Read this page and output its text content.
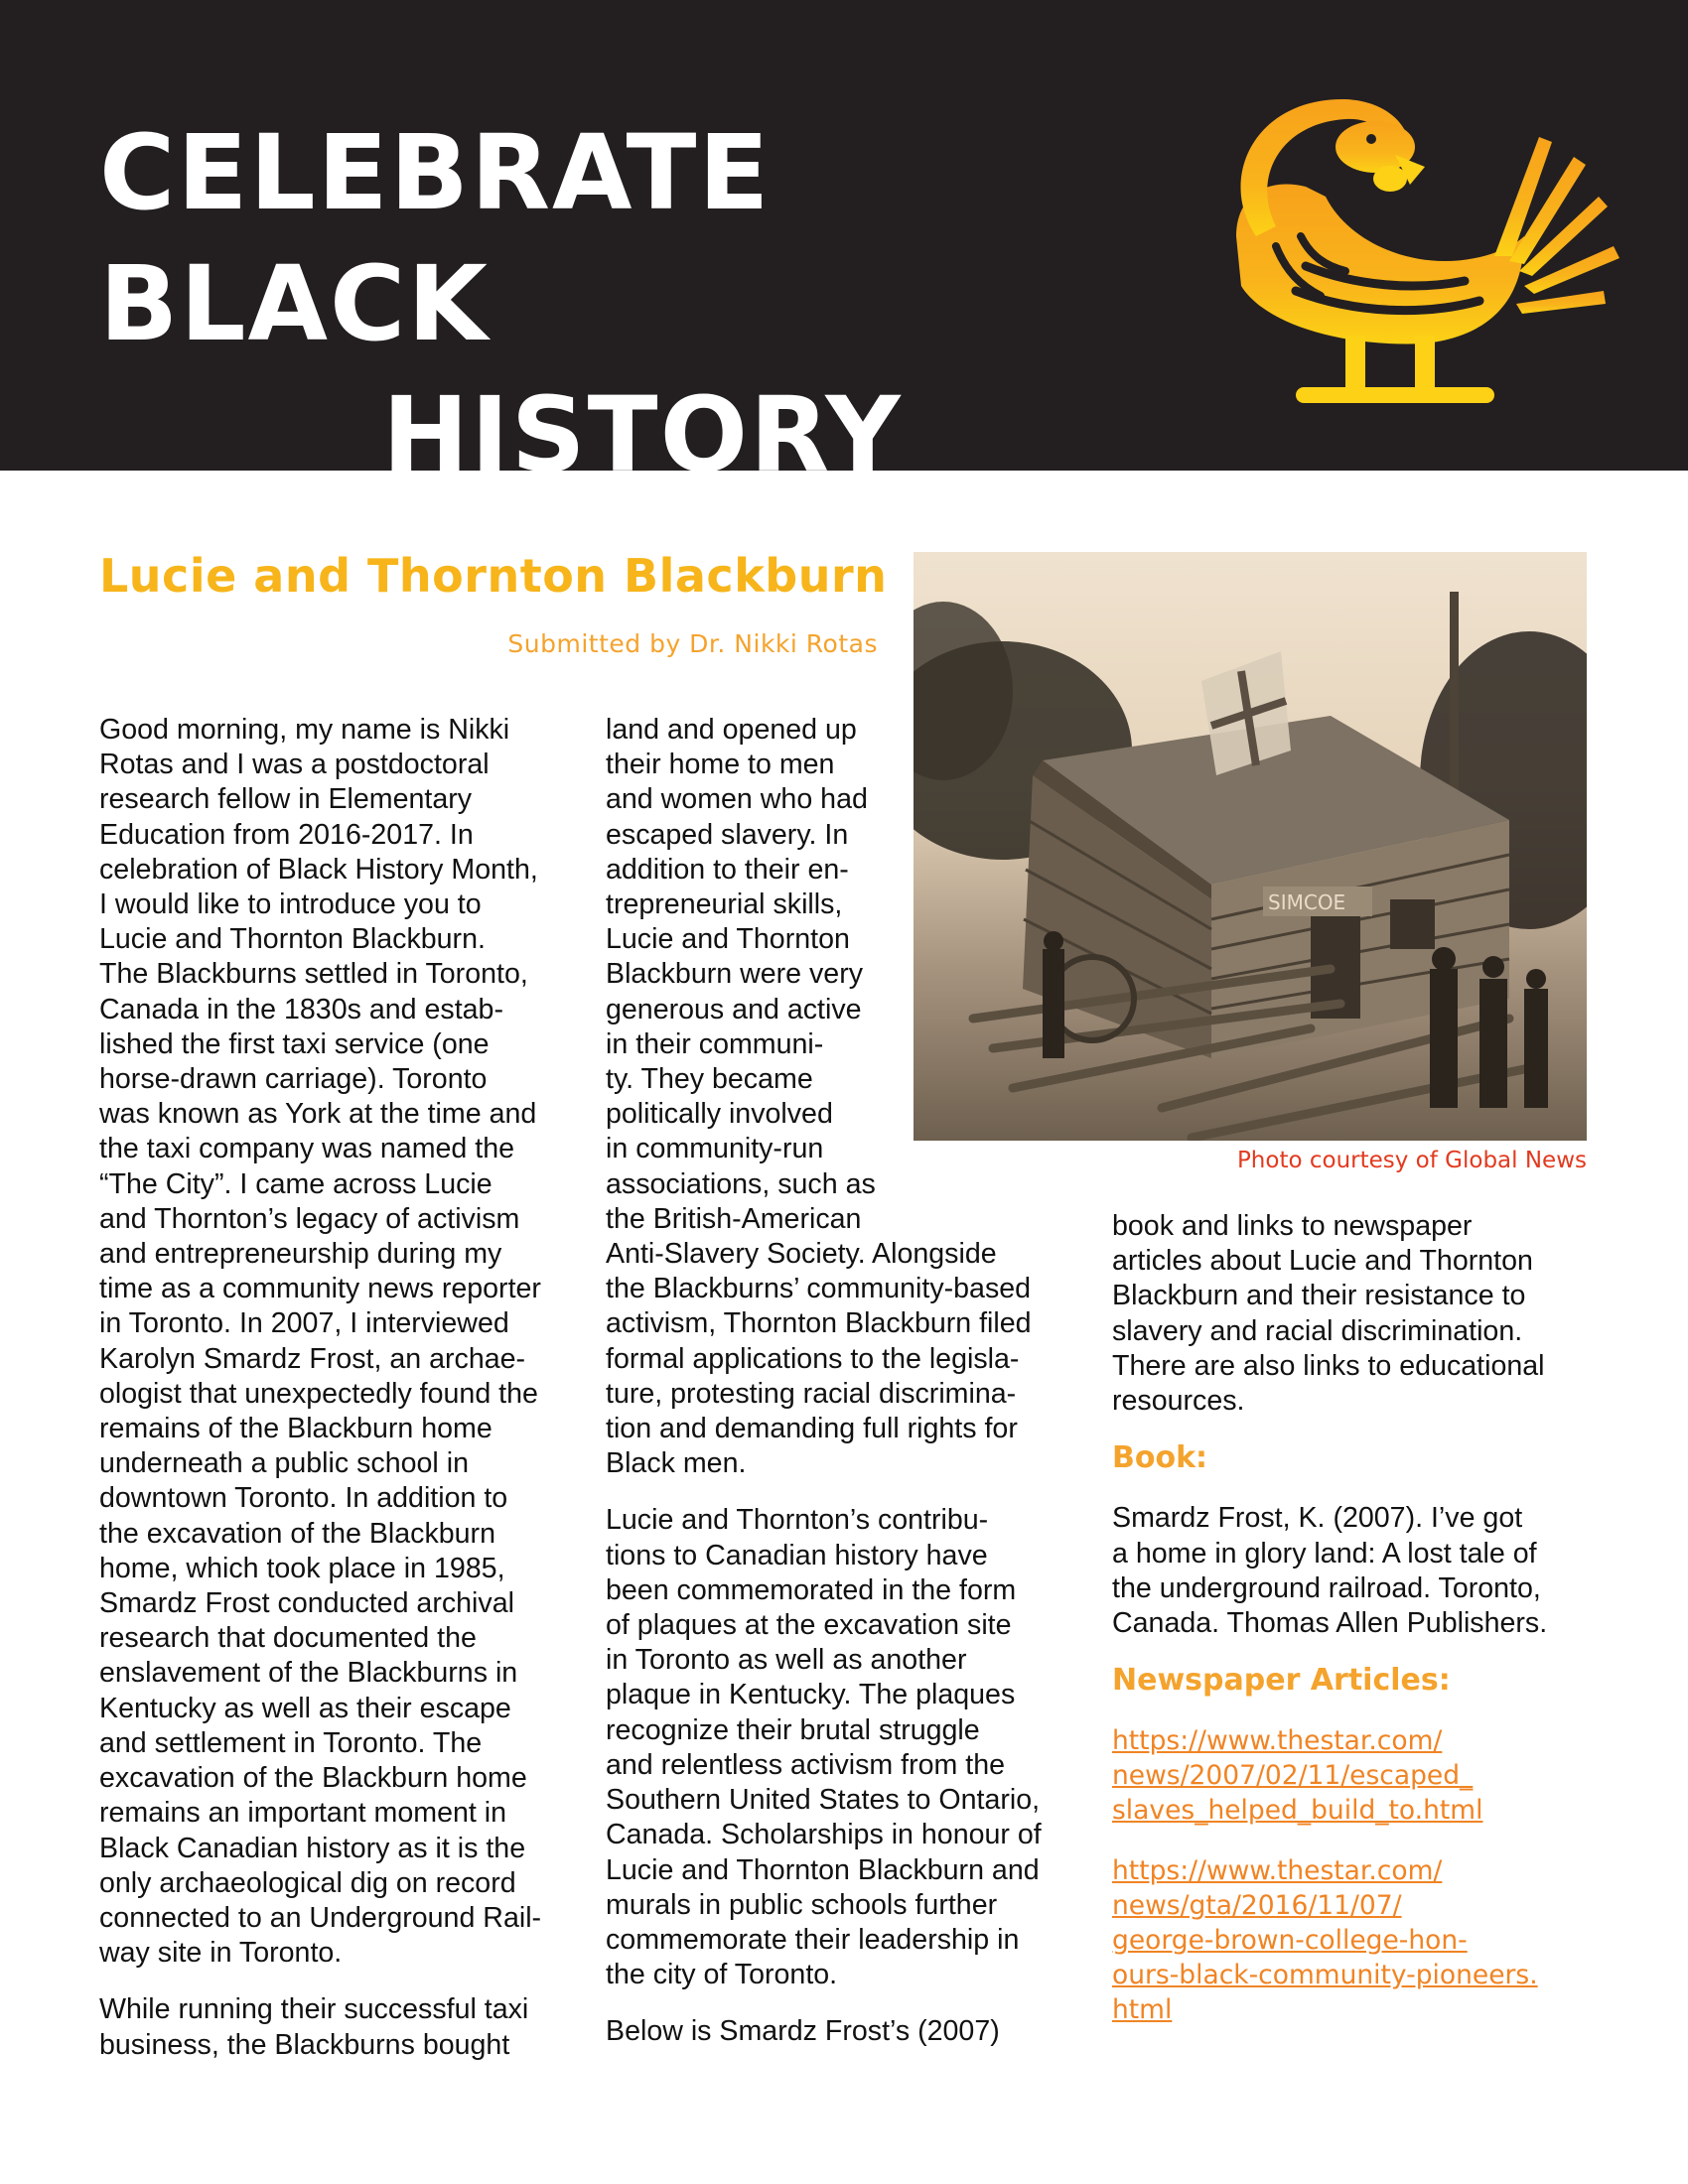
CELEBRATE BLACK
HISTORY
Lucie and Thornton Blackburn
Submitted by Dr. Nikki Rotas
SIMCOE
Photo courtesy of Global News

Good morning, my name is Nikki
Rotas and I was a postdoctoral
research fellow in Elementary
Education from 2016-2017. In
celebration of Black History Month,
I would like to introduce you to
Lucie and Thornton Blackburn.
The Blackburns settled in Toronto,
Canada in the 1830s and estab-
lished the first taxi service (one
horse-drawn carriage). Toronto
was known as York at the time and
the taxi company was named the
“The City”. I came across Lucie
and Thornton’s legacy of activism
and entrepreneurship during my
time as a community news reporter
in Toronto. In 2007, I interviewed
Karolyn Smardz Frost, an archae-
ologist that unexpectedly found the
remains of the Blackburn home
underneath a public school in
downtown Toronto. In addition to
the excavation of the Blackburn
home, which took place in 1985,
Smardz Frost conducted archival
research that documented the
enslavement of the Blackburns in
Kentucky as well as their escape
and settlement in Toronto. The
excavation of the Blackburn home
remains an important moment in
Black Canadian history as it is the
only archaeological dig on record
connected to an Underground Rail-
way site in Toronto.

While running their successful taxi
business, the Blackburns bought

land and opened up
their home to men
and women who had
escaped slavery. In
addition to their en-
trepreneurial skills,
Lucie and Thornton
Blackburn were very
generous and active
in their communi-
ty. They became
politically involved
in community-run
associations, such as
the British-American
Anti-Slavery Society. Alongside
the Blackburns’ community-based
activism, Thornton Blackburn filed
formal applications to the legisla-
ture, protesting racial discrimina-
tion and demanding full rights for
Black men.

Lucie and Thornton’s contribu-
tions to Canadian history have
been commemorated in the form
of plaques at the excavation site
in Toronto as well as another
plaque in Kentucky. The plaques
recognize their brutal struggle
and relentless activism from the
Southern United States to Ontario,
Canada. Scholarships in honour of
Lucie and Thornton Blackburn and
murals in public schools further
commemorate their leadership in
the city of Toronto.

Below is Smardz Frost’s (2007)

book and links to newspaper
articles about Lucie and Thornton
Blackburn and their resistance to
slavery and racial discrimination.
There are also links to educational
resources.

Book:

Smardz Frost, K. (2007). I’ve got
a home in glory land: A lost tale of
the underground railroad. Toronto,
Canada. Thomas Allen Publishers.

Newspaper Articles:
https://www.thestar.com/
news/2007/02/11/escaped_
slaves_helped_build_to.html
https://www.thestar.com/
news/gta/2016/11/07/
george-brown-college-hon-
ours-black-community-pioneers.
html
